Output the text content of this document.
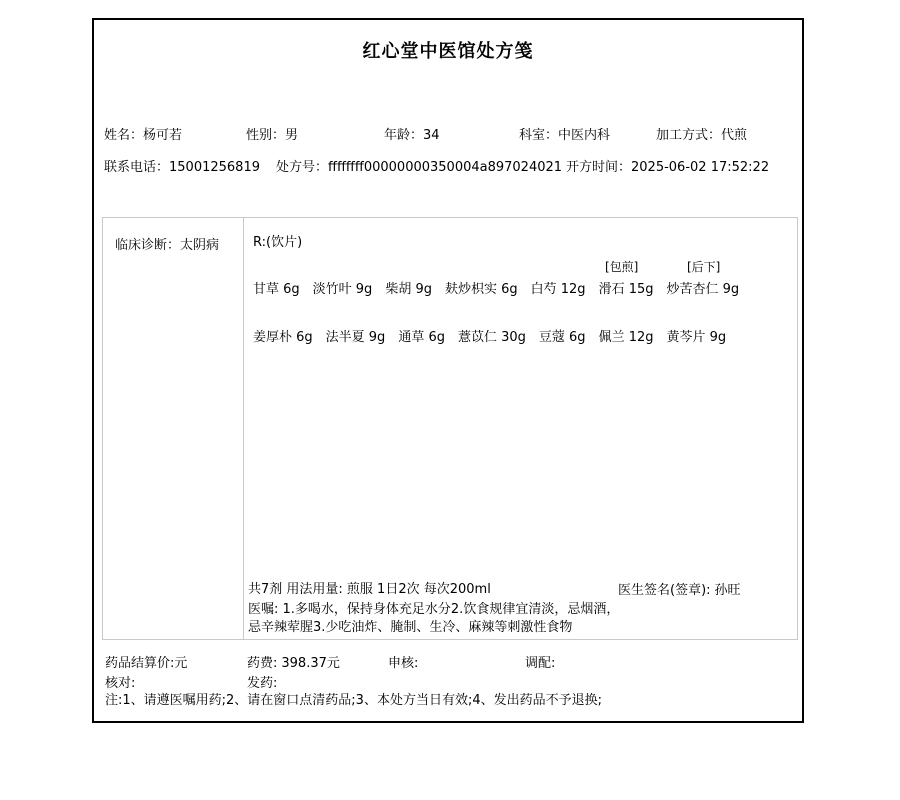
红心堂中医馆处方笺
姓名：杨可若	性别：男	年龄：34	科室：中医内科	加工方式：代煎
联系电话：15001256819 处方号：ffffffff00000000350004a897024021 开方时间：2025-06-02 17:52:22
临床诊断：太阴病	R:(饮片)
[包煎]	[后下]
甘草 6g 淡竹叶 9g 柴胡 9g 麸炒枳实 6g 白芍 12g 滑石 15g 炒苦杏仁 9g
姜厚朴 6g 法半夏 9g 通草 6g 薏苡仁 30g 豆蔻 6g 佩兰 12g 黄芩片 9g
共7剂 用法用量: 煎服 1日2次 每次200ml	医生签名(签章): 孙旺
医嘱: 1.多喝水，保持身体充足水分2.饮食规律宜清淡，忌烟酒，
忌辛辣荤腥3.少吃油炸、腌制、生冷、麻辣等刺激性食物
药品结算价:元	药费: 398.37元	申核:	调配:
核对:	发药:
注:1、请遵医嘱用药;2、请在窗口点清药品;3、本处方当日有效;4、发出药品不予退换;
